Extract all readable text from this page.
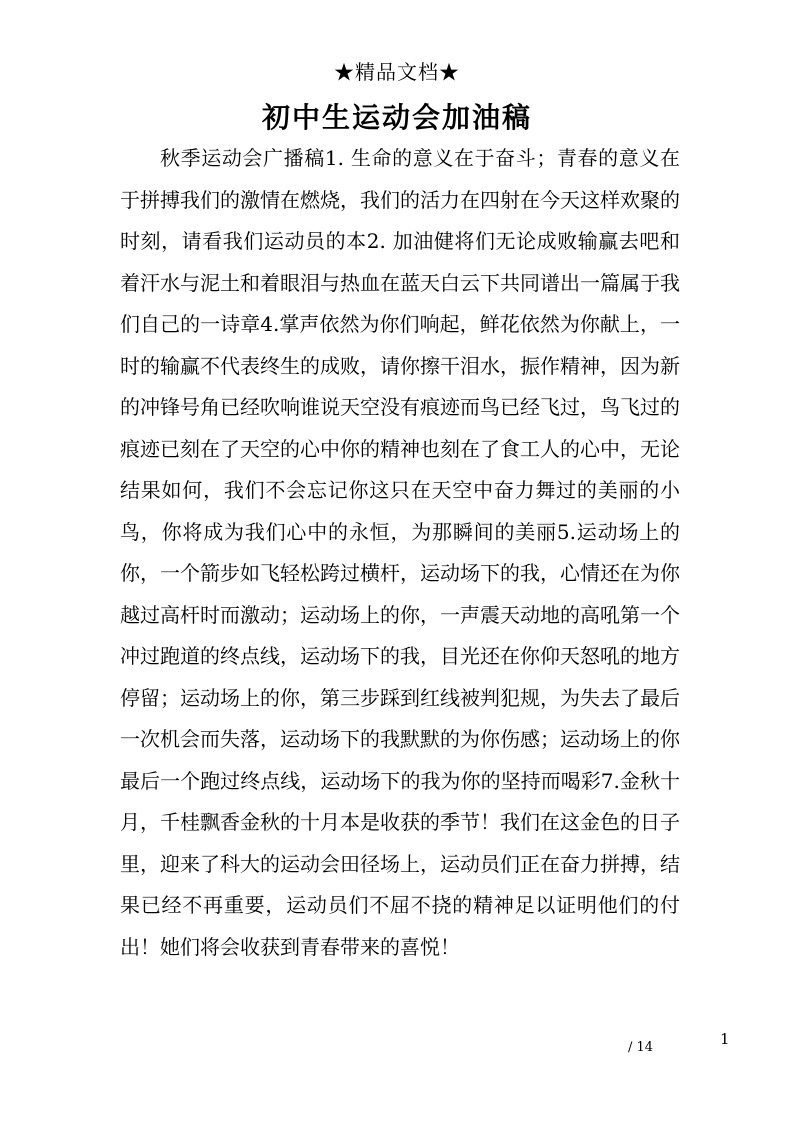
★精品文档★
初中生运动会加油稿

秋季运动会广播稿1. 生命的意义在于奋斗；青春的意义在于拼搏我们的激情在燃烧，我们的活力在四射在今天这样欢聚的时刻，请看我们运动员的本2. 加油健将们无论成败输赢去吧和着汗水与泥土和着眼泪与热血在蓝天白云下共同谱出一篇属于我们自己的一诗章4.掌声依然为你们响起，鲜花依然为你献上，一时的输赢不代表终生的成败，请你擦干泪水，振作精神，因为新的冲锋号角已经吹响谁说天空没有痕迹而鸟已经飞过，鸟飞过的痕迹已刻在了天空的心中你的精神也刻在了食工人的心中，无论结果如何，我们不会忘记你这只在天空中奋力舞过的美丽的小鸟，你将成为我们心中的永恒，为那瞬间的美丽5.运动场上的你，一个箭步如飞轻松跨过横杆，运动场下的我，心情还在为你越过高杆时而激动；运动场上的你，一声震天动地的高吼第一个冲过跑道的终点线，运动场下的我，目光还在你仰天怒吼的地方停留；运动场上的你，第三步踩到红线被判犯规，为失去了最后一次机会而失落，运动场下的我默默的为你伤感；运动场上的你最后一个跑过终点线，运动场下的我为你的坚持而喝彩7.金秋十月，千桂飘香金秋的十月本是收获的季节！我们在这金色的日子里，迎来了科大的运动会田径场上，运动员们正在奋力拼搏，结果已经不再重要，运动员们不屈不挠的精神足以证明他们的付出！她们将会收获到青春带来的喜悦！

1
/ 14
